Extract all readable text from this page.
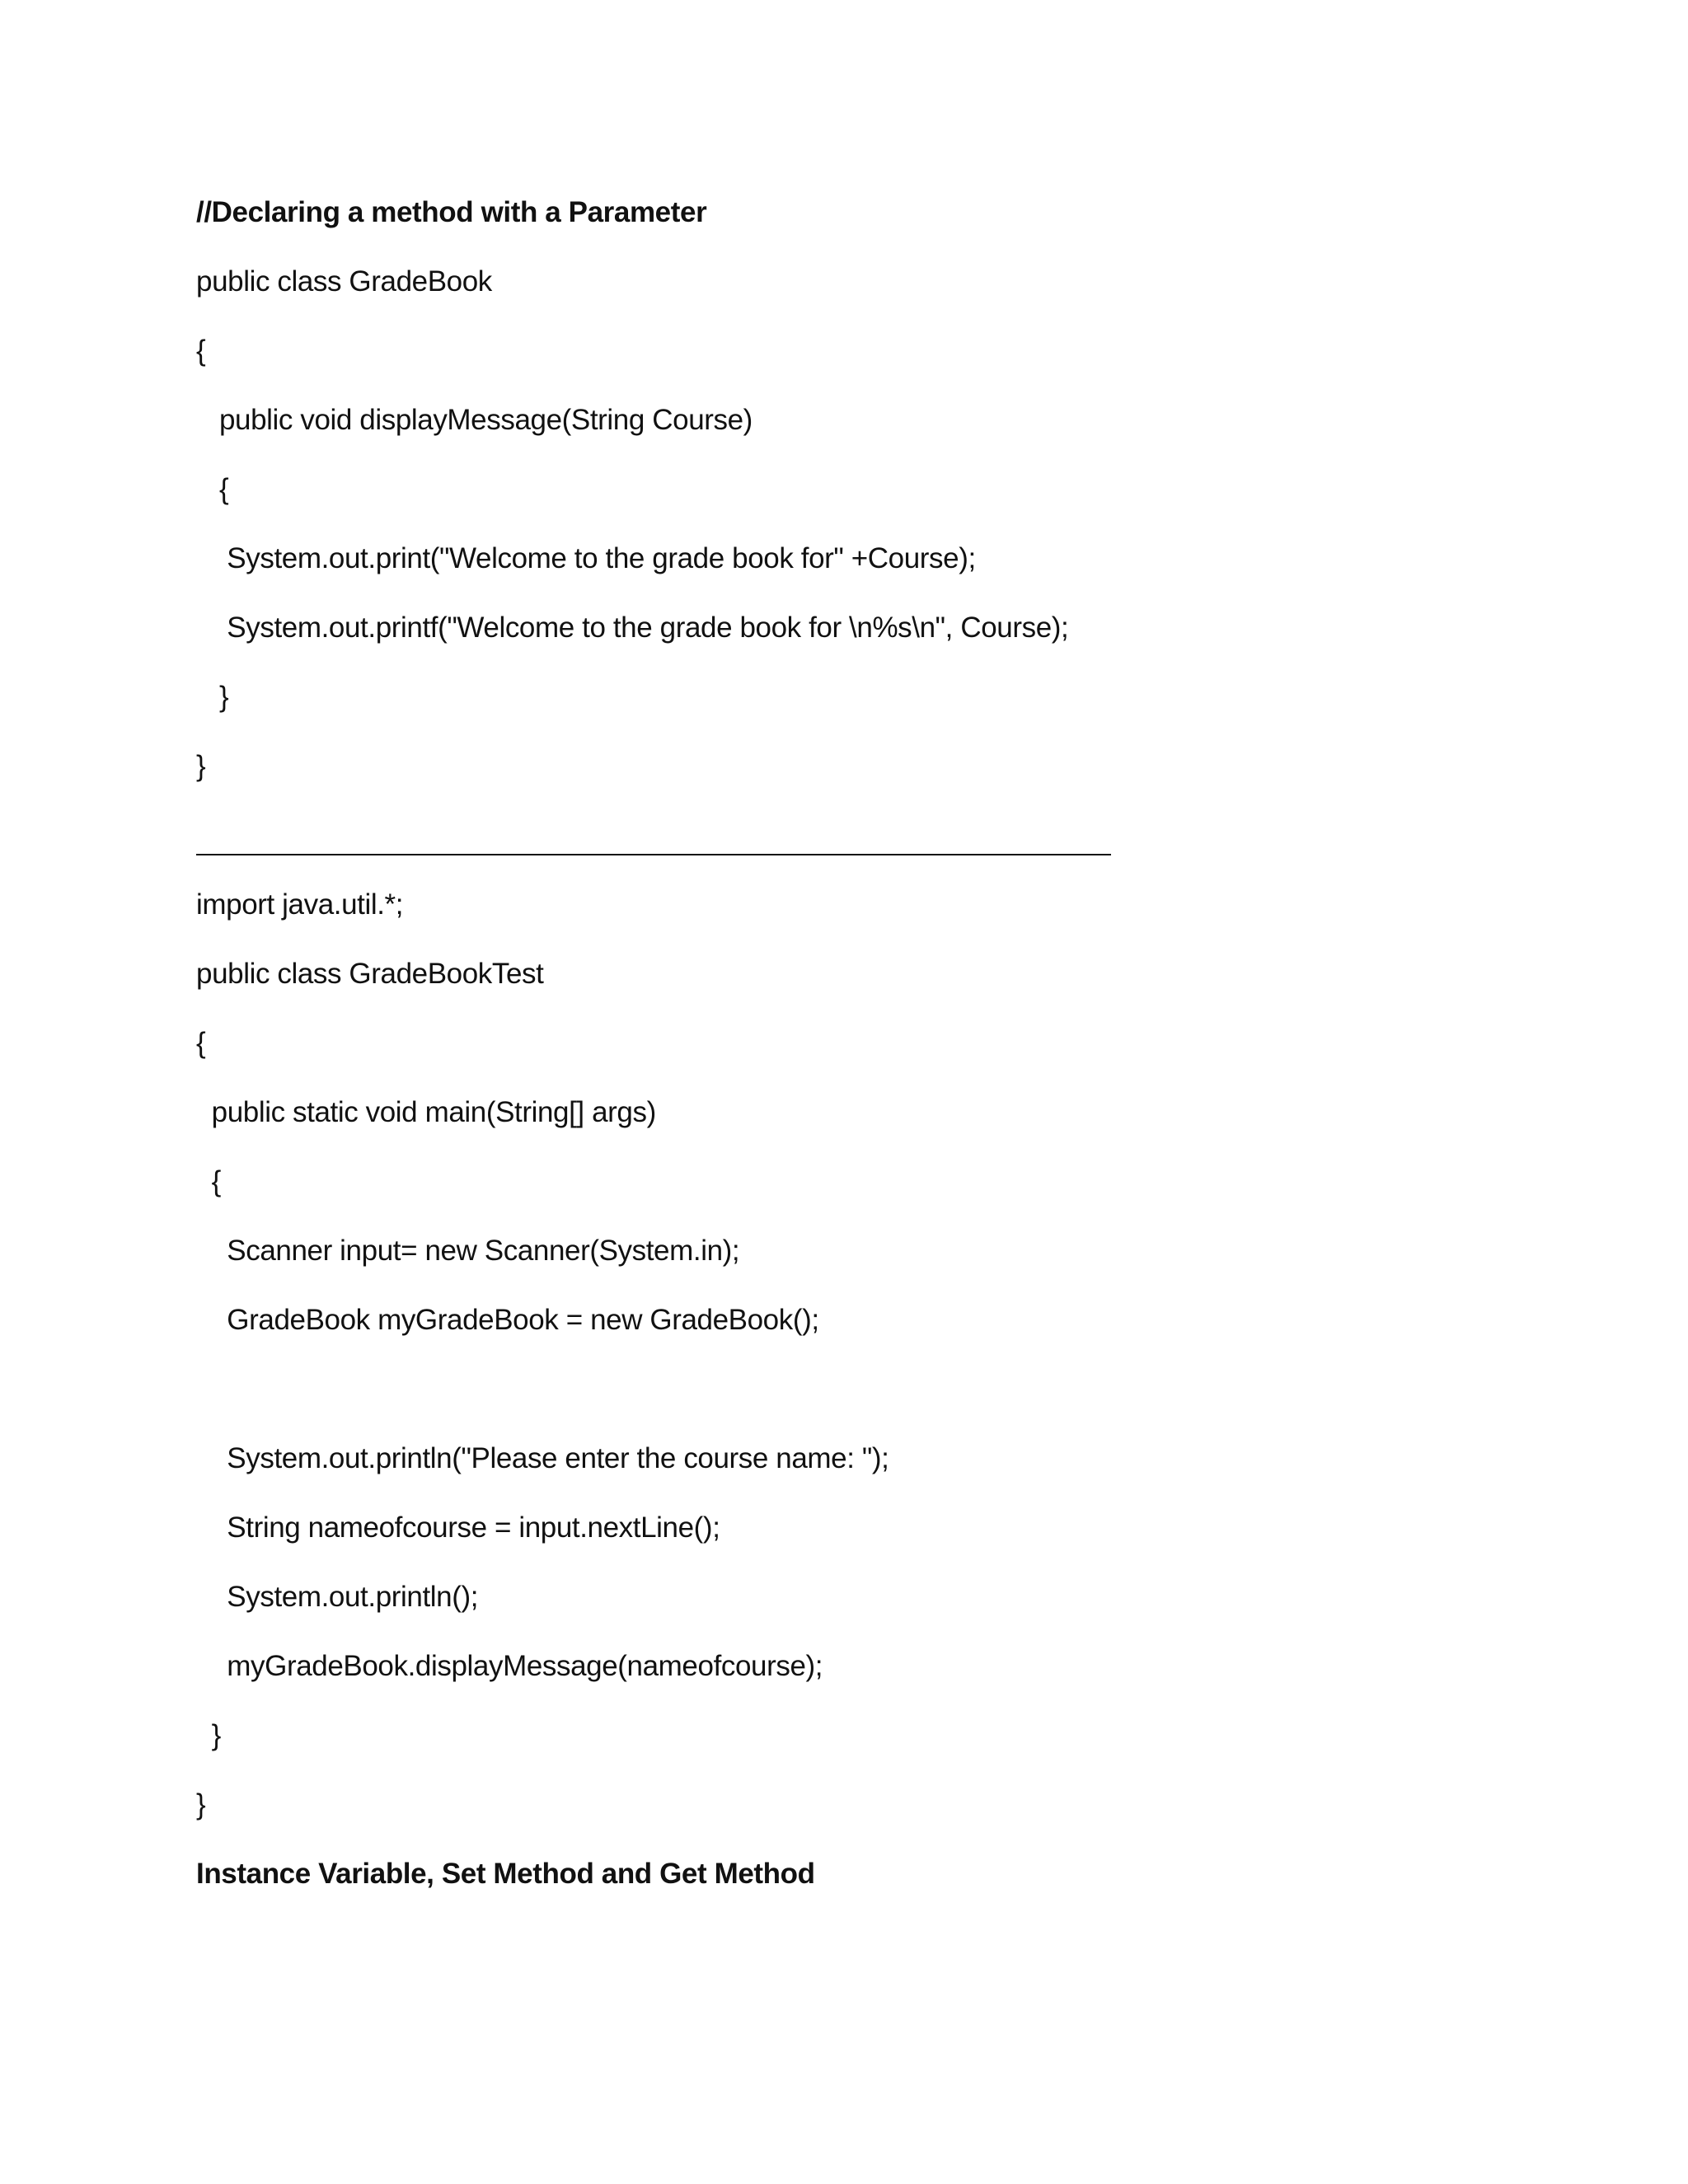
//Declaring a method with a Parameter
public class GradeBook
{
public void displayMessage(String Course)
{
System.out.print("Welcome to the grade book for" +Course);
System.out.printf("Welcome to the grade book for \n%s\n", Course);
}
}
import java.util.*;
public class GradeBookTest
{
public static void main(String[] args)
{
Scanner input= new Scanner(System.in);
GradeBook myGradeBook = new GradeBook();
System.out.println("Please enter the course name: ");
String nameofcourse = input.nextLine();
System.out.println();
myGradeBook.displayMessage(nameofcourse);
}
}
Instance Variable, Set Method and Get Method
